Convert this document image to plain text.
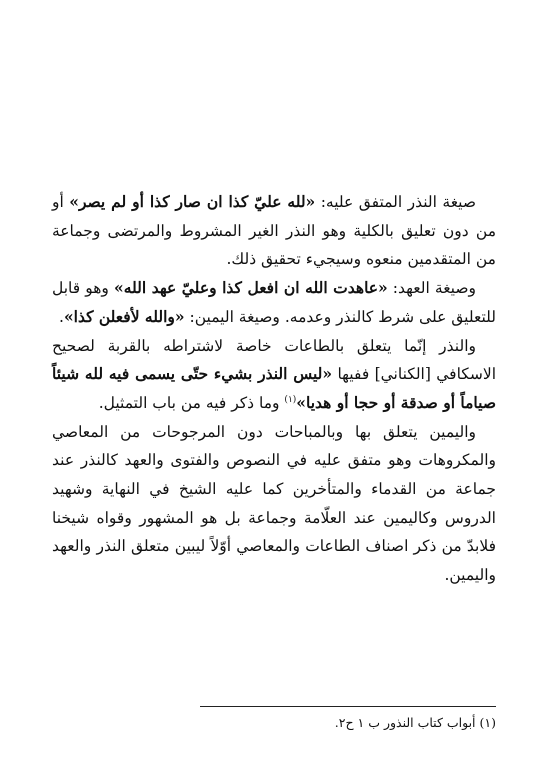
صيغة النذر المتفق عليه: «لله عليّ كذا ان صار كذا أو لم يصر» أو من دون تعليق بالكلية وهو النذر الغير المشروط والمرتضى وجماعة من المتقدمين منعوه وسيجيء تحقيق ذلك.

وصيغة العهد: «عاهدت الله ان افعل كذا وعليّ عهد الله» وهو قابل للتعليق على شرط كالنذر وعدمه. وصيغة اليمين: «والله لأفعلن كذا».

والنذر إنّما يتعلق بالطاعات خاصة لاشتراطه بالقربة لصحيح الاسكافي [الكناني] ففيها «ليس النذر بشيء حتّى يسمى فيه لله شيئاً صياماً أو صدقة أو حجا أو هديا»$^{(١)}$ وما ذكر فيه من باب التمثيل.

واليمين يتعلق بها وبالمباحات دون المرجوحات من المعاصي والمكروهات وهو متفق عليه في النصوص والفتوى والعهد كالنذر عند جماعة من القدماء والمتأخرين كما عليه الشيخ في النهاية وشهيد الدروس وكاليمين عند العلّامة وجماعة بل هو المشهور وقواه شيخنا فلابدّ من ذكر اصناف الطاعات والمعاصي أوّلاً ليبين متعلق النذر والعهد واليمين.

(١) أبواب كتاب النذور ب ١ ح٢.
